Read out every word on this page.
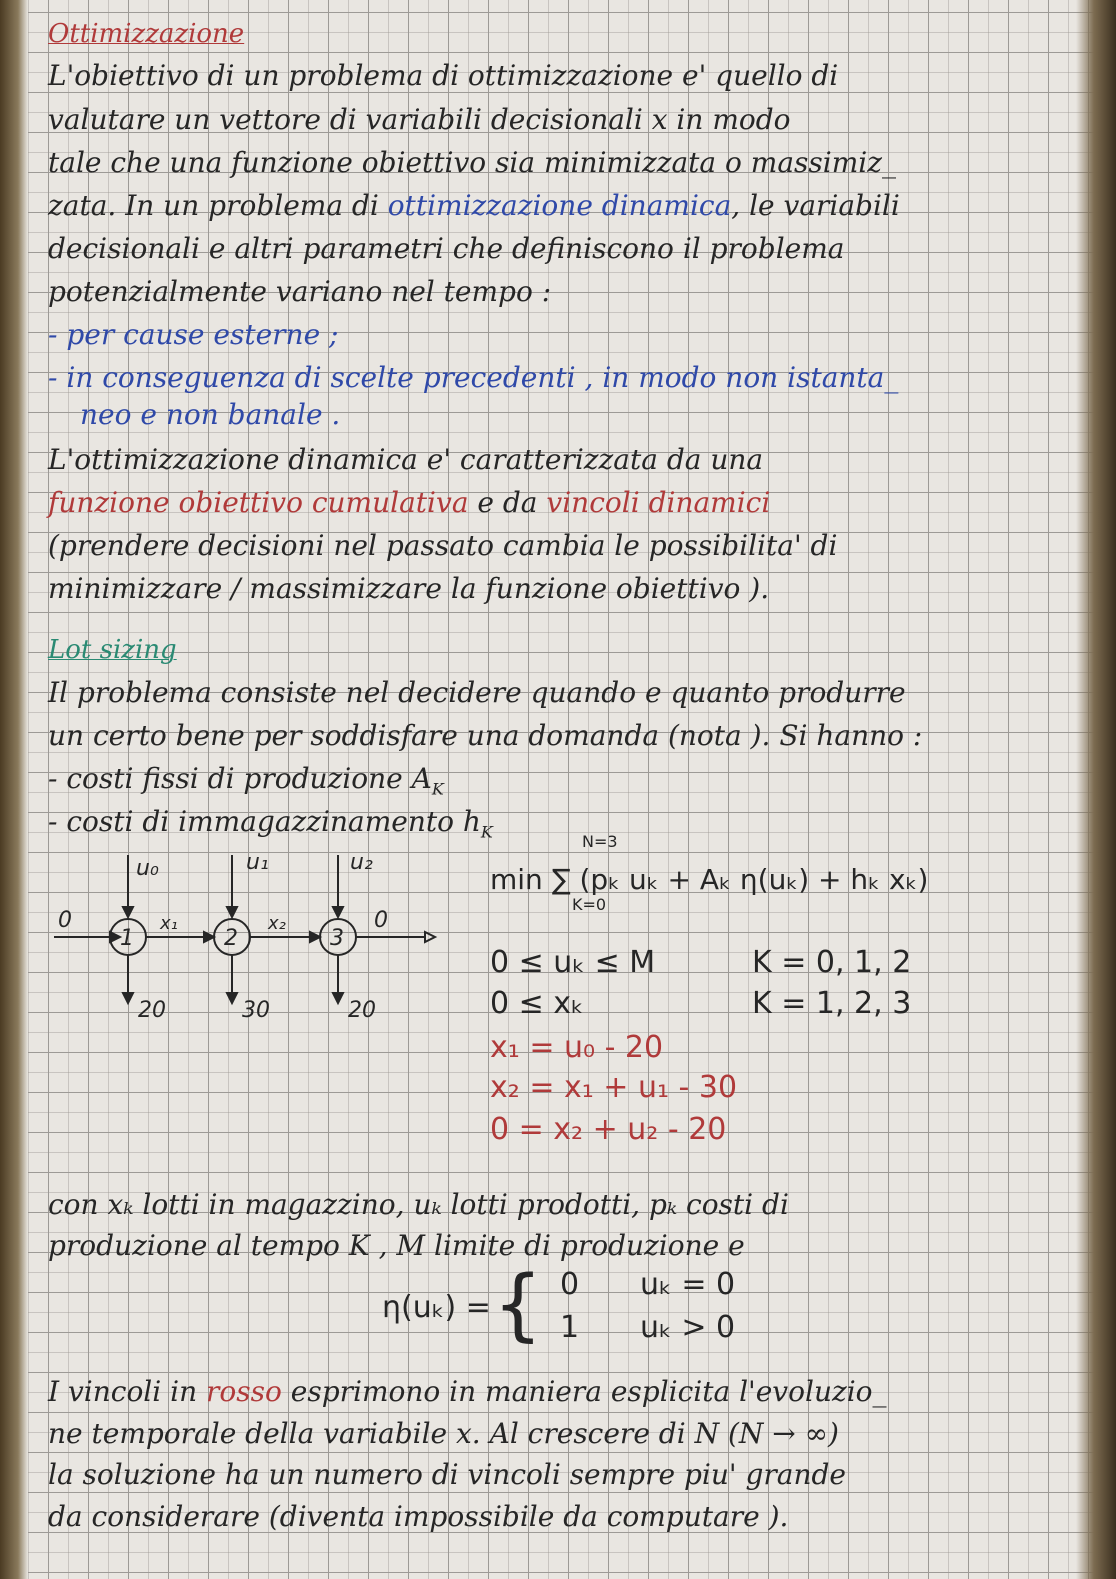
Ottimizzazione

L'obiettivo di un problema di ottimizzazione e' quello di

valutare un vettore di variabili decisionali x in modo

tale che una funzione obiettivo sia minimizzata o massimiz_

zata. In un problema di ottimizzazione dinamica, le variabili

decisionali e altri parametri che definiscono il problema

potenzialmente variano nel tempo :

- per cause esterne ;

- in conseguenza di scelte precedenti , in modo non istanta_

neo e non banale .

L'ottimizzazione dinamica e' caratterizzata da una

funzione obiettivo cumulativa e da vincoli dinamici

(prendere decisioni nel passato cambia le possibilita' di

minimizzare / massimizzare la funzione obiettivo ).

Lot sizing

Il problema consiste nel decidere quando e quanto produrre

un certo bene per soddisfare una domanda (nota ). Si hanno :

- costi fissi di produzione $A_K$

- costi di immagazzinamento $h_K$

1	2	3
u₀	u₁	u₂
0	x₁	x₂	0
20	30	20

N=3

min ∑ (pₖ uₖ + Aₖ η(uₖ) + hₖ xₖ)

K=0

0 ≤ uₖ ≤ M	K = 0, 1, 2

0 ≤ xₖ	K = 1, 2, 3

x₁ = u₀ - 20

x₂ = x₁ + u₁ - 30

0 = x₂ + u₂ - 20

con xₖ lotti in magazzino, uₖ lotti prodotti, pₖ costi di

produzione al tempo K , M limite di produzione e

η(uₖ) = { 0 uₖ = 0

1 uₖ > 0

I vincoli in rosso esprimono in maniera esplicita l'evoluzio_

ne temporale della variabile x. Al crescere di N (N → ∞)

la soluzione ha un numero di vincoli sempre piu' grande

da considerare (diventa impossibile da computare ).
